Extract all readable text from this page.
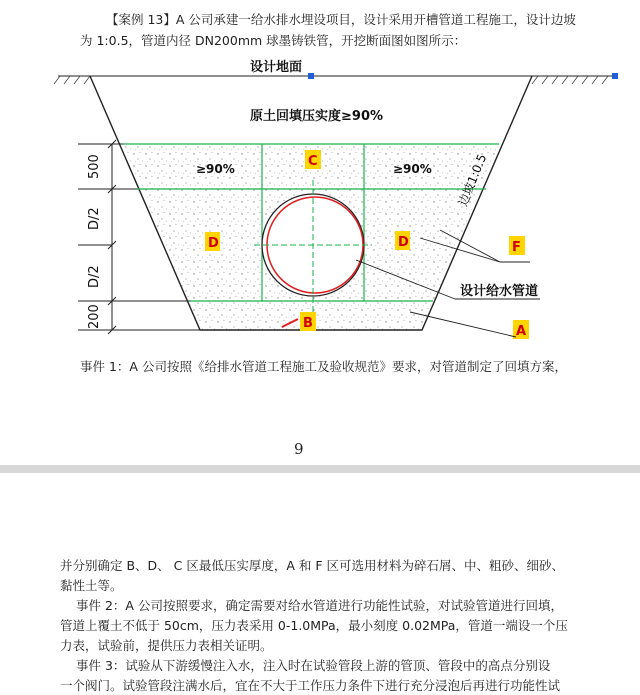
【案例 13】A 公司承建一给水排水埋设项目，设计采用开槽管道工程施工，设计边坡
为 1:0.5，管道内径 DN200mm 球墨铸铁管，开挖断面图如图所示：
设计地面
原土回填压实度≥90%
≥90%	≥90%
C
D	D
B
F
A
边坡1:0.5
设计给水管道
500
D/2
D/2
200
事件 1：A 公司按照《给排水管道工程施工及验收规范》要求，对管道制定了回填方案，
9
并分别确定 B、D、 C 区最低压实厚度，A 和 F 区可选用材料为碎石屑、中、粗砂、细砂、
黏性土等。
事件 2：A 公司按照要求，确定需要对给水管道进行功能性试验，对试验管道进行回填，
管道上覆土不低于 50cm，压力表采用 0-1.0MPa，最小刻度 0.02MPa，管道一端设一个压
力表，试验前，提供压力表相关证明。
事件 3：试验从下游缓慢注入水，注入时在试验管段上游的管顶、管段中的高点分别设
一个阀门。试验管段注满水后，宜在不大于工作压力条件下进行充分浸泡后再进行功能性试
